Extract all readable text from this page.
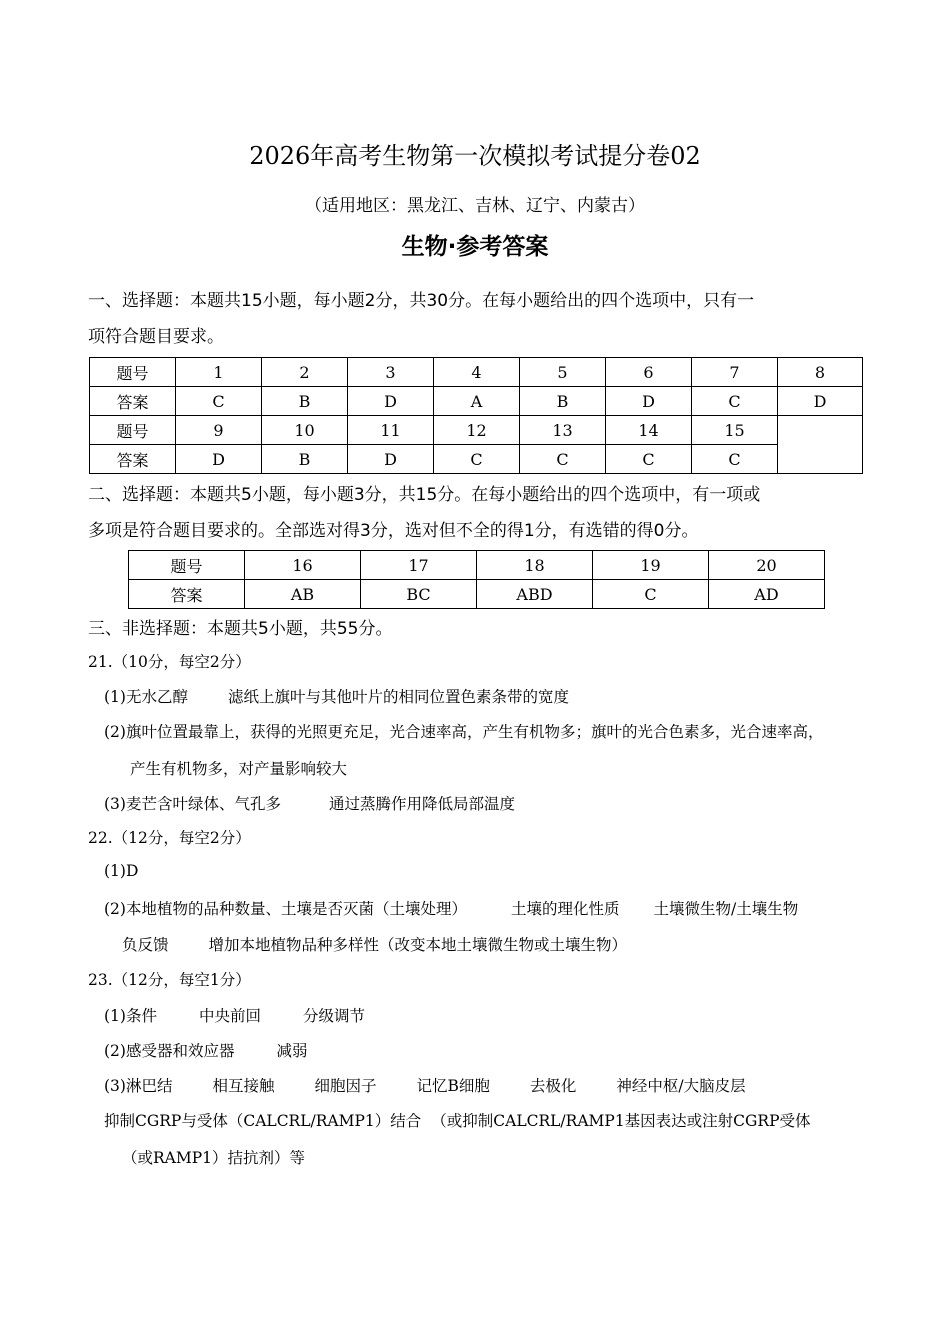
2026年高考生物第一次模拟考试提分卷02
（适用地区：黑龙江、吉林、辽宁、内蒙古）
生物·参考答案
一、选择题：本题共15小题，每小题2分，共30分。在每小题给出的四个选项中，只有一
项符合题目要求。
题号	1	2	3	4	5	6	7	8
答案	C	B	D	A	B	D	C	D
题号	9	10	11	12	13	14	15	
答案	D	B	D	C	C	C	C	
二、选择题：本题共5小题，每小题3分，共15分。在每小题给出的四个选项中，有一项或
多项是符合题目要求的。全部选对得3分，选对但不全的得1分，有选错的得0分。
题号	16	17	18	19	20
答案	AB	BC	ABD	C	AD
三、非选择题：本题共5小题，共55分。
21.（10分，每空2分）
(1)无水乙醇	滤纸上旗叶与其他叶片的相同位置色素条带的宽度
(2)旗叶位置最靠上，获得的光照更充足，光合速率高，产生有机物多；旗叶的光合色素多，光合速率高，
产生有机物多，对产量影响较大
(3)麦芒含叶绿体、气孔多	通过蒸腾作用降低局部温度
22.（12分，每空2分）
(1)D
(2)本地植物的品种数量、土壤是否灭菌（土壤处理）	土壤的理化性质 土壤微生物/土壤生物
负反馈	增加本地植物品种多样性（改变本地土壤微生物或土壤生物）
23.（12分，每空1分）
(1)条件	中央前回	分级调节
(2)感受器和效应器	减弱
(3)淋巴结	相互接触	细胞因子	记忆B细胞	去极化	神经中枢/大脑皮层
抑制CGRP与受体（CALCRL/RAMP1）结合 （或抑制CALCRL/RAMP1基因表达或注射CGRP受体
（或RAMP1）拮抗剂）等
